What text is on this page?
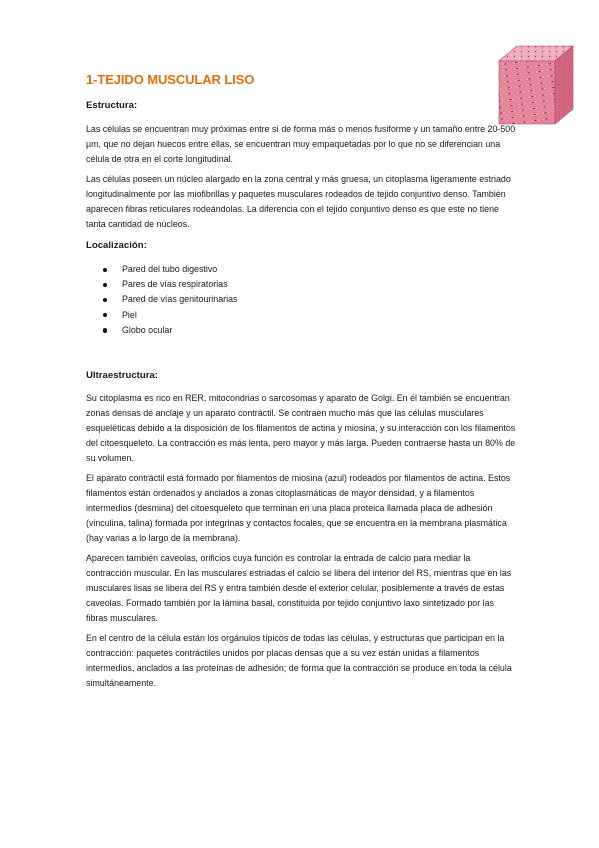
1-TEJIDO MUSCULAR LISO
Estructura:

Las células se encuentran muy próximas entre sí de forma más o menos fusiforme y un tamaño entre 20-500 μm, que no dejan huecos entre ellas, se encuentran muy empaquetadas por lo que no se diferencian una célula de otra en el corte longitudinal.

Las células poseen un núcleo alargado en la zona central y más gruesa, un citoplasma ligeramente estriado longitudinalmente por las miofibrillas y paquetes musculares rodeados de tejido conjuntivo denso. También aparecen fibras reticulares rodeándolas. La diferencia con el tejido conjuntivo denso es que este no tiene tanta cantidad de núcleos.

Localización:
Pared del tubo digestivo
Pares de vías respiratorias
Pared de vías genitourinarias
Piel
Globo ocular
Ultraestructura:

Su citoplasma es rico en RER, mitocondrias o sarcosomas y aparato de Golgi. En él también se encuentran zonas densas de anclaje y un aparato contráctil. Se contraen mucho más que las células musculares esqueléticas debido a la disposición de los filamentos de actina y miosina, y su interacción con los filamentos del citoesqueleto. La contracción es más lenta, pero mayor y más larga. Pueden contraerse hasta un 80% de su volumen.

El aparato contráctil está formado por filamentos de miosina (azul) rodeados por filamentos de actina. Estos filamentos están ordenados y anclados a zonas citoplasmáticas de mayor densidad, y a filamentos intermedios (desmina) del citoesqueleto que terminan en una placa proteica llamada placa de adhesión (vinculina, talina) formada por integrinas y contactos focales, que se encuentra en la membrana plasmática (hay varias a lo largo de la membrana).

Aparecen también caveolas, orificios cuya función es controlar la entrada de calcio para mediar la contracción muscular. En las musculares estriadas el calcio se libera del interior del RS, mientras que en las musculares lisas se libera del RS y entra también desde el exterior celular, posiblemente a través de estas caveolas. Formado también por la lámina basal, constituida por tejido conjuntivo laxo sintetizado por las fibras musculares.

En el centro de la célula están los orgánulos típicos de todas las células, y estructuras que participan en la contracción: paquetes contráctiles unidos por placas densas que a su vez están unidas a filamentos intermedios, anclados a las proteínas de adhesión; de forma que la contracción se produce en toda la célula simultáneamente.
